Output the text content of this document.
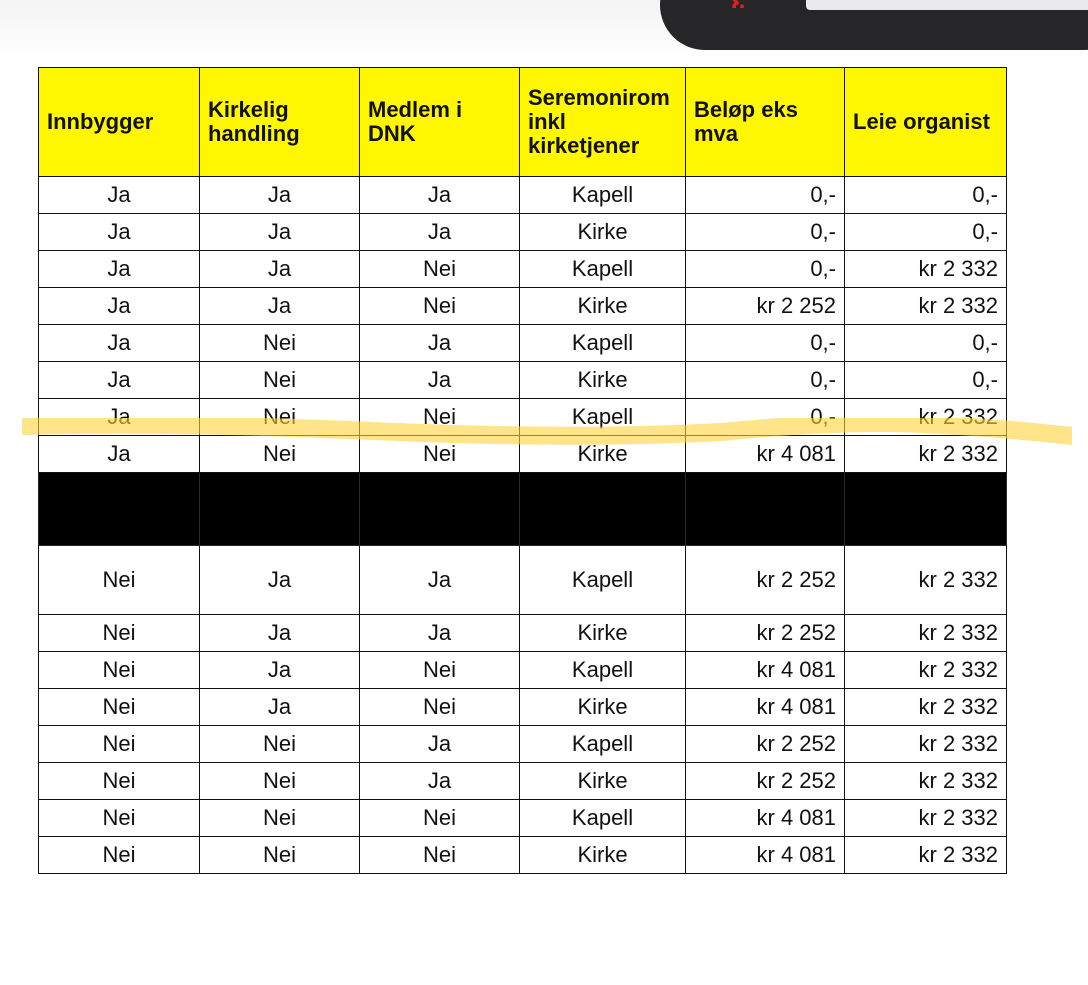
Innbygger	Kirkelig handling	Medlem i DNK	Seremonirom inkl kirketjener	Beløp eks mva	Leie organist
Ja	Ja	Ja	Kapell	0,-	0,-
Ja	Ja	Ja	Kirke	0,-	0,-
Ja	Ja	Nei	Kapell	0,-	kr 2 332
Ja	Ja	Nei	Kirke	kr 2 252	kr 2 332
Ja	Nei	Ja	Kapell	0,-	0,-
Ja	Nei	Ja	Kirke	0,-	0,-
Ja	Nei	Nei	Kapell	0,-	kr 2 332
Ja	Nei	Nei	Kirke	kr 4 081	kr 2 332

Nei	Ja	Ja	Kapell	kr 2 252	kr 2 332
Nei	Ja	Ja	Kirke	kr 2 252	kr 2 332
Nei	Ja	Nei	Kapell	kr 4 081	kr 2 332
Nei	Ja	Nei	Kirke	kr 4 081	kr 2 332
Nei	Nei	Ja	Kapell	kr 2 252	kr 2 332
Nei	Nei	Ja	Kirke	kr 2 252	kr 2 332
Nei	Nei	Nei	Kapell	kr 4 081	kr 2 332
Nei	Nei	Nei	Kirke	kr 4 081	kr 2 332
